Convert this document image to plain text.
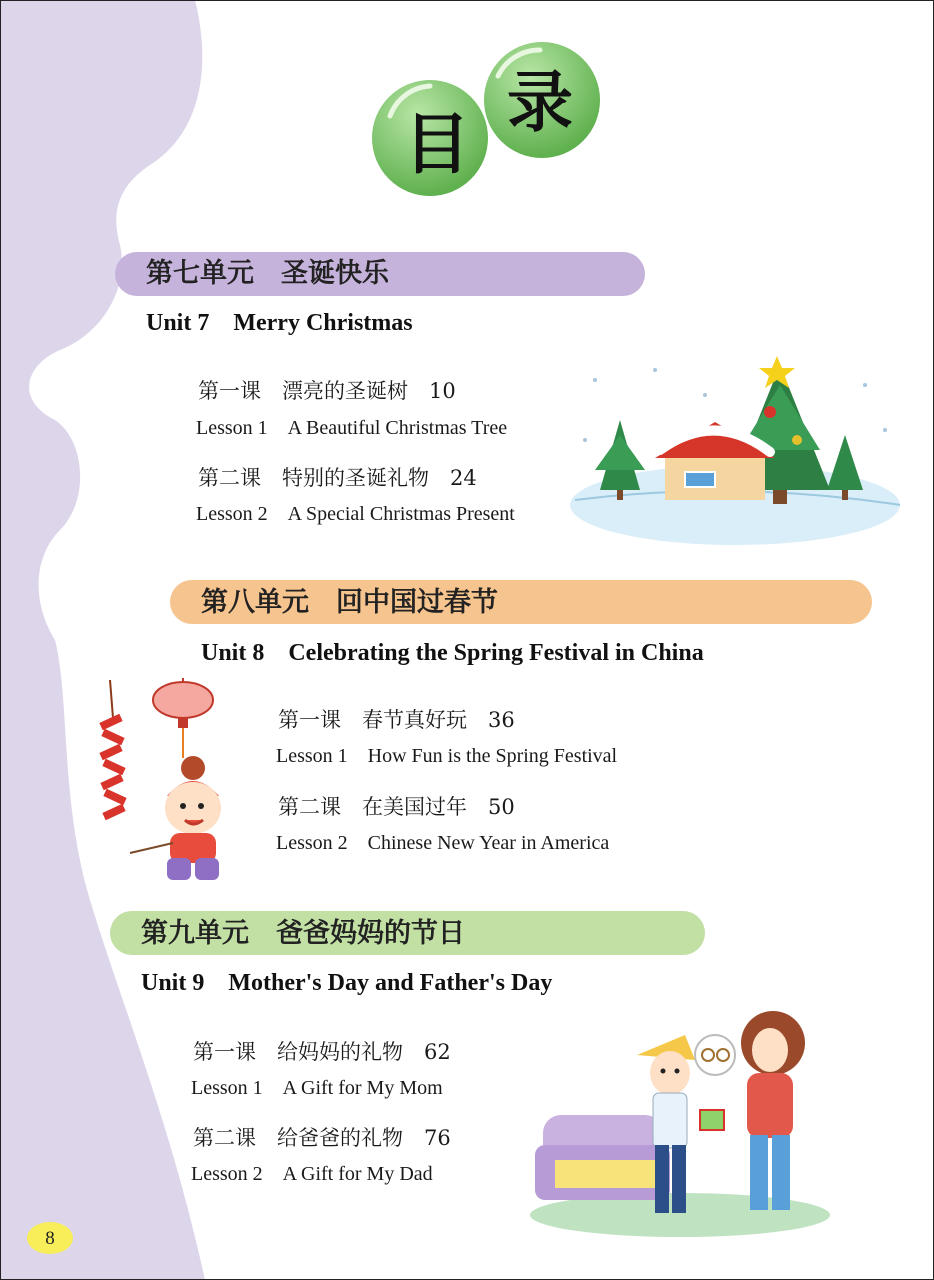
目
录
第七单元　圣诞快乐
Unit 7　Merry Christmas
第一课　漂亮的圣诞树　10
Lesson 1　A Beautiful Christmas Tree
第二课　特别的圣诞礼物　24
Lesson 2　A Special Christmas Present
第八单元　回中国过春节
Unit 8　Celebrating the Spring Festival in China
第一课　春节真好玩　36
Lesson 1　How Fun is the Spring Festival
第二课　在美国过年　50
Lesson 2　Chinese New Year in America
第九单元　爸爸妈妈的节日
Unit 9　Mother's Day and Father's Day
第一课　给妈妈的礼物　62
Lesson 1　A Gift for My Mom
第二课　给爸爸的礼物　76
Lesson 2　A Gift for My Dad
8
